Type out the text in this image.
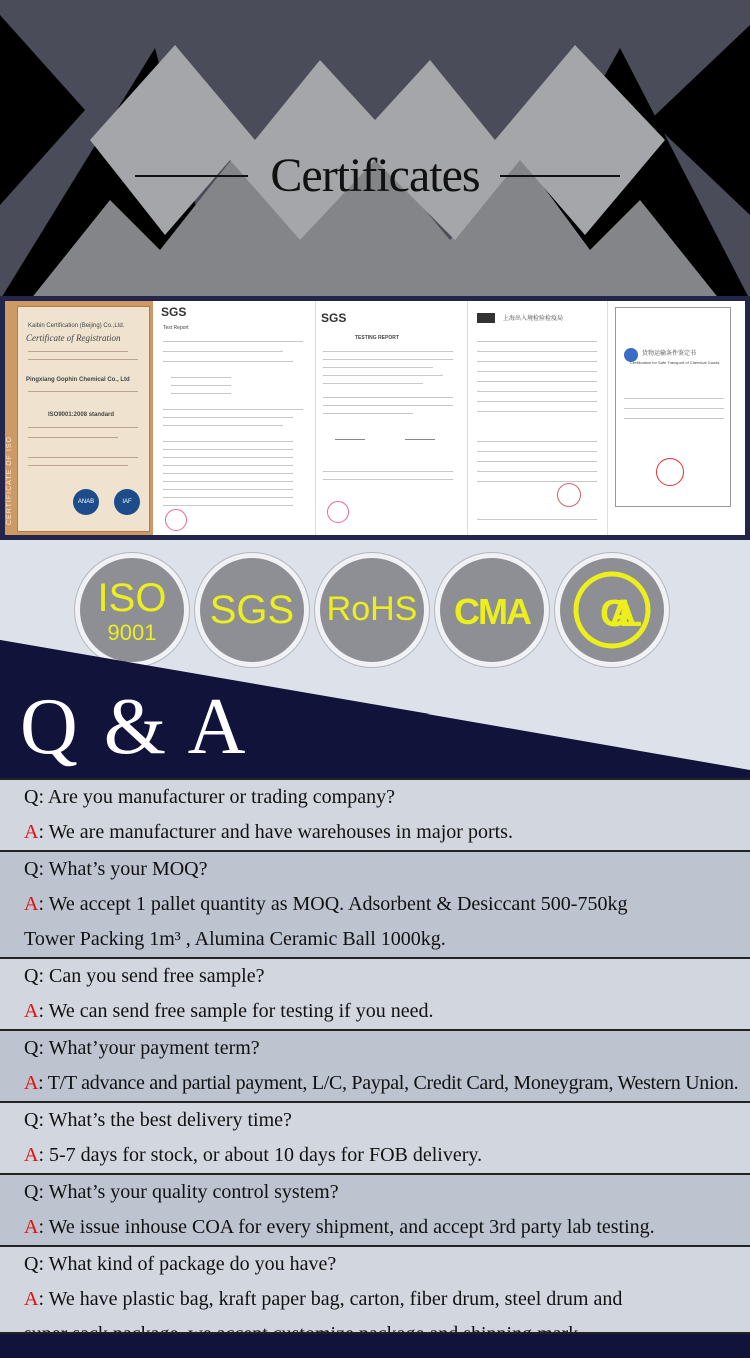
Certificates
CERTIFICATE OF ISO
Kaibin Certification (Beijing) Co.,Ltd.
Certificate of Registration
Pingxiang Gophin Chemical Co., Ltd
ISO9001:2008 standard
ANAB	IAF
SGS
Test Report
SGS
TESTING REPORT
上海出入境检验检疫局
货物运输条件鉴定书
Certification for Safe Transport of Chemical Goods
ISO
9001
SGS RoHS CMA CAL
Q & A
Q: Are you manufacturer or trading company?
A: We are manufacturer and have warehouses in major ports.
Q: What’s your MOQ?
A: We accept 1 pallet quantity as MOQ. Adsorbent & Desiccant 500-750kg
Tower Packing 1m³ , Alumina Ceramic Ball 1000kg.
Q: Can you send free sample?
A: We can send free sample for testing if you need.
Q: What’your payment term?
A: T/T advance and partial payment, L/C, Paypal, Credit Card, Moneygram, Western Union.
Q: What’s the best delivery time?
A: 5-7 days for stock, or about 10 days for FOB delivery.
Q: What’s your quality control system?
A: We issue inhouse COA for every shipment, and accept 3rd party lab testing.
Q: What kind of package do you have?
A: We have plastic bag, kraft paper bag, carton, fiber drum, steel drum and
